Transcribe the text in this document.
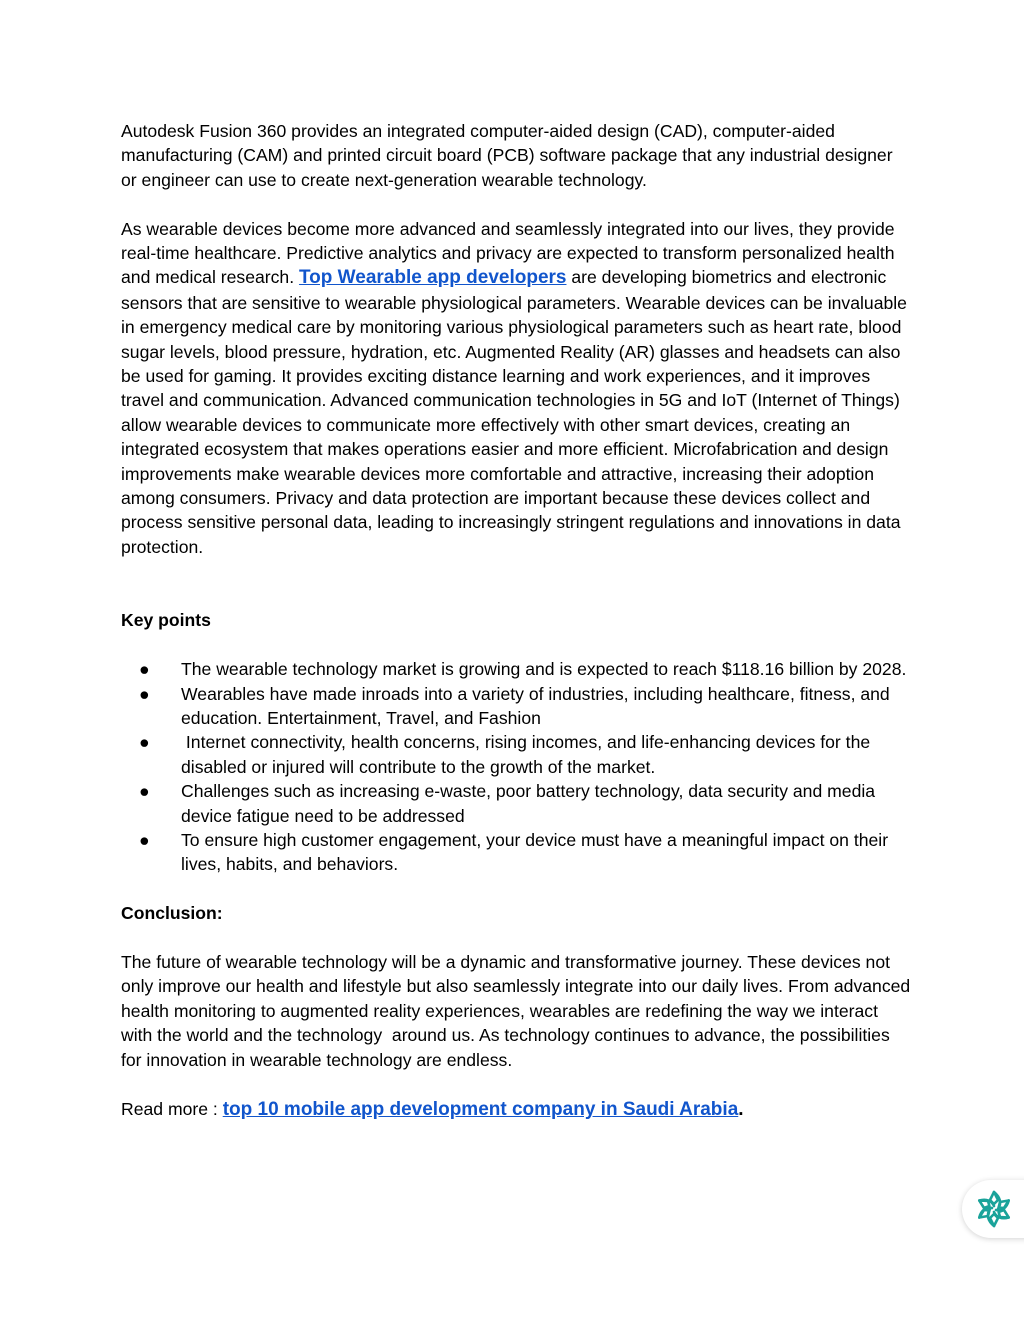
Autodesk Fusion 360 provides an integrated computer-aided design (CAD), computer-aided manufacturing (CAM) and printed circuit board (PCB) software package that any industrial designer or engineer can use to create next-generation wearable technology.

As wearable devices become more advanced and seamlessly integrated into our lives, they provide real-time healthcare. Predictive analytics and privacy are expected to transform personalized health and medical research. Top Wearable app developers are developing biometrics and electronic sensors that are sensitive to wearable physiological parameters. Wearable devices can be invaluable in emergency medical care by monitoring various physiological parameters such as heart rate, blood sugar levels, blood pressure, hydration, etc. Augmented Reality (AR) glasses and headsets can also be used for gaming. It provides exciting distance learning and work experiences, and it improves travel and communication. Advanced communication technologies in 5G and IoT (Internet of Things) allow wearable devices to communicate more effectively with other smart devices, creating an integrated ecosystem that makes operations easier and more efficient. Microfabrication and design improvements make wearable devices more comfortable and attractive, increasing their adoption among consumers. Privacy and data protection are important because these devices collect and process sensitive personal data, leading to increasingly stringent regulations and innovations in data protection.

Key points

● The wearable technology market is growing and is expected to reach $118.16 billion by 2028.
● Wearables have made inroads into a variety of industries, including healthcare, fitness, and education. Entertainment, Travel, and Fashion
● Internet connectivity, health concerns, rising incomes, and life-enhancing devices for the disabled or injured will contribute to the growth of the market.
● Challenges such as increasing e-waste, poor battery technology, data security and media device fatigue need to be addressed
● To ensure high customer engagement, your device must have a meaningful impact on their lives, habits, and behaviors.

Conclusion:

The future of wearable technology will be a dynamic and transformative journey. These devices not only improve our health and lifestyle but also seamlessly integrate into our daily lives. From advanced health monitoring to augmented reality experiences, wearables are redefining the way we interact with the world and the technology  around us. As technology continues to advance, the possibilities for innovation in wearable technology are endless.

Read more : top 10 mobile app development company in Saudi Arabia.
